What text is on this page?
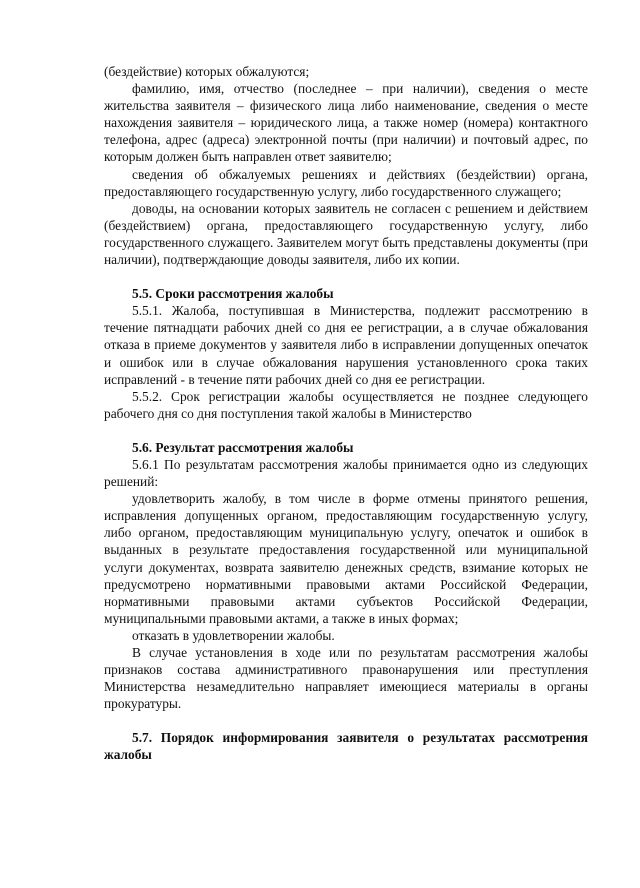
(бездействие) которых обжалуются;

фамилию, имя, отчество (последнее – при наличии), сведения о месте жительства заявителя – физического лица либо наименование, сведения о месте нахождения заявителя – юридического лица, а также номер (номера) контактного телефона, адрес (адреса) электронной почты (при наличии) и почтовый адрес, по которым должен быть направлен ответ заявителю;

сведения об обжалуемых решениях и действиях (бездействии) органа, предоставляющего государственную услугу, либо государственного служащего;

доводы, на основании которых заявитель не согласен с решением и действием (бездействием) органа, предоставляющего государственную услугу, либо государственного служащего. Заявителем могут быть представлены документы (при наличии), подтверждающие доводы заявителя, либо их копии.

5.5. Сроки рассмотрения жалобы

5.5.1. Жалоба, поступившая в Министерства, подлежит рассмотрению в течение пятнадцати рабочих дней со дня ее регистрации, а в случае обжалования отказа в приеме документов у заявителя либо в исправлении допущенных опечаток и ошибок или в случае обжалования нарушения установленного срока таких исправлений - в течение пяти рабочих дней со дня ее регистрации.

5.5.2. Срок регистрации жалобы осуществляется не позднее следующего рабочего дня со дня поступления такой жалобы в Министерство

5.6. Результат рассмотрения жалобы

5.6.1 По результатам рассмотрения жалобы принимается одно из следующих решений:

удовлетворить жалобу, в том числе в форме отмены принятого решения, исправления допущенных органом, предоставляющим государственную услугу, либо органом, предоставляющим муниципальную услугу, опечаток и ошибок в выданных в результате предоставления государственной или муниципальной услуги документах, возврата заявителю денежных средств, взимание которых не предусмотрено нормативными правовыми актами Российской Федерации, нормативными правовыми актами субъектов Российской Федерации, муниципальными правовыми актами, а также в иных формах;

отказать в удовлетворении жалобы.

В случае установления в ходе или по результатам рассмотрения жалобы признаков состава административного правонарушения или преступления Министерства незамедлительно направляет имеющиеся материалы в органы прокуратуры.

5.7. Порядок информирования заявителя о результатах рассмотрения жалобы
